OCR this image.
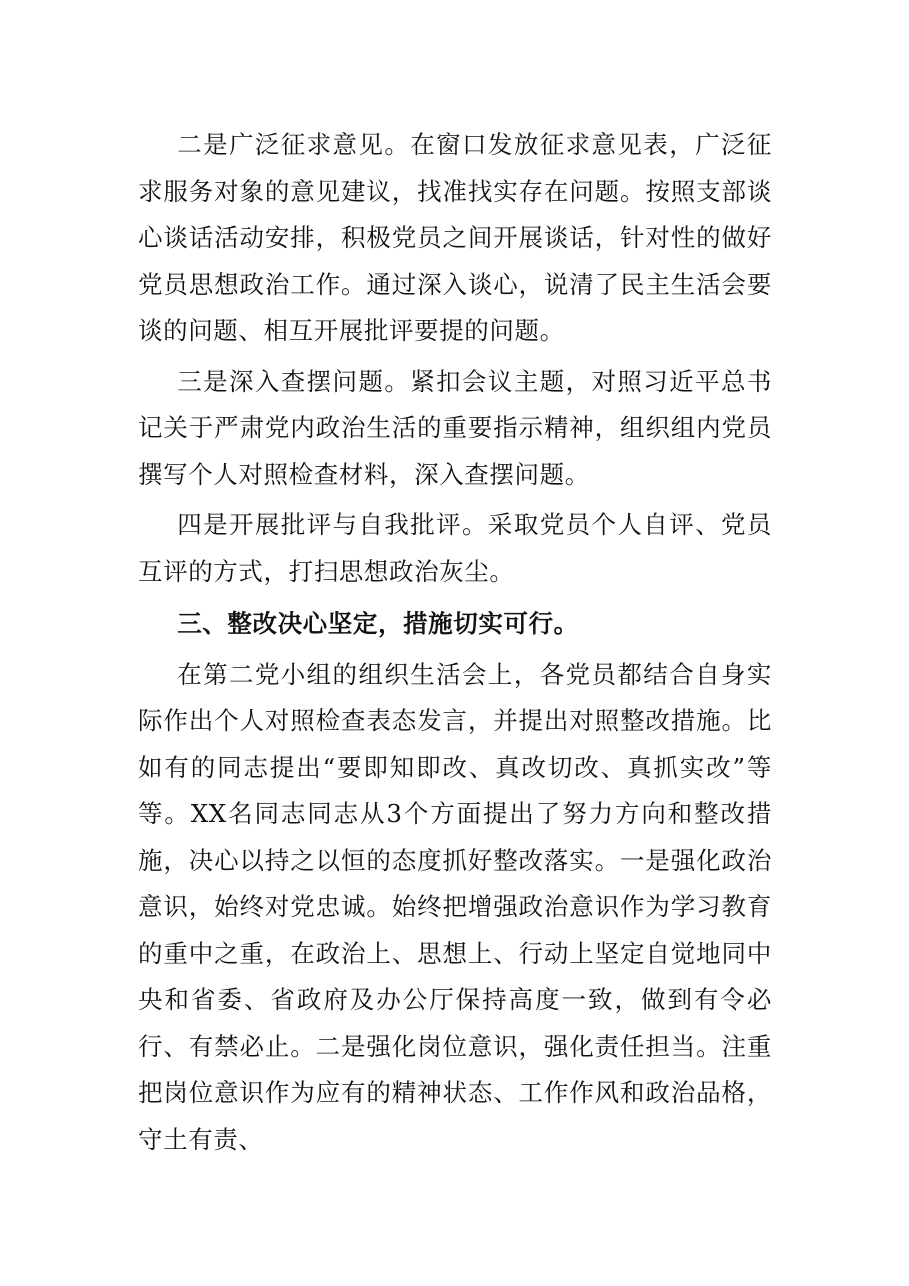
二是广泛征求意见。在窗口发放征求意见表，广泛征求服务对象的意见建议，找准找实存在问题。按照支部谈心谈话活动安排，积极党员之间开展谈话，针对性的做好党员思想政治工作。通过深入谈心，说清了民主生活会要谈的问题、相互开展批评要提的问题。

三是深入查摆问题。紧扣会议主题，对照习近平总书记关于严肃党内政治生活的重要指示精神，组织组内党员撰写个人对照检查材料，深入查摆问题。

四是开展批评与自我批评。采取党员个人自评、党员互评的方式，打扫思想政治灰尘。

三、整改决心坚定，措施切实可行。

在第二党小组的组织生活会上，各党员都结合自身实际作出个人对照检查表态发言，并提出对照整改措施。比如有的同志提出“要即知即改、真改切改、真抓实改”等等。XX名同志同志从3个方面提出了努力方向和整改措施，决心以持之以恒的态度抓好整改落实。一是强化政治意识，始终对党忠诚。始终把增强政治意识作为学习教育的重中之重，在政治上、思想上、行动上坚定自觉地同中央和省委、省政府及办公厅保持高度一致，做到有令必行、有禁必止。二是强化岗位意识，强化责任担当。注重把岗位意识作为应有的精神状态、工作作风和政治品格，守土有责、
